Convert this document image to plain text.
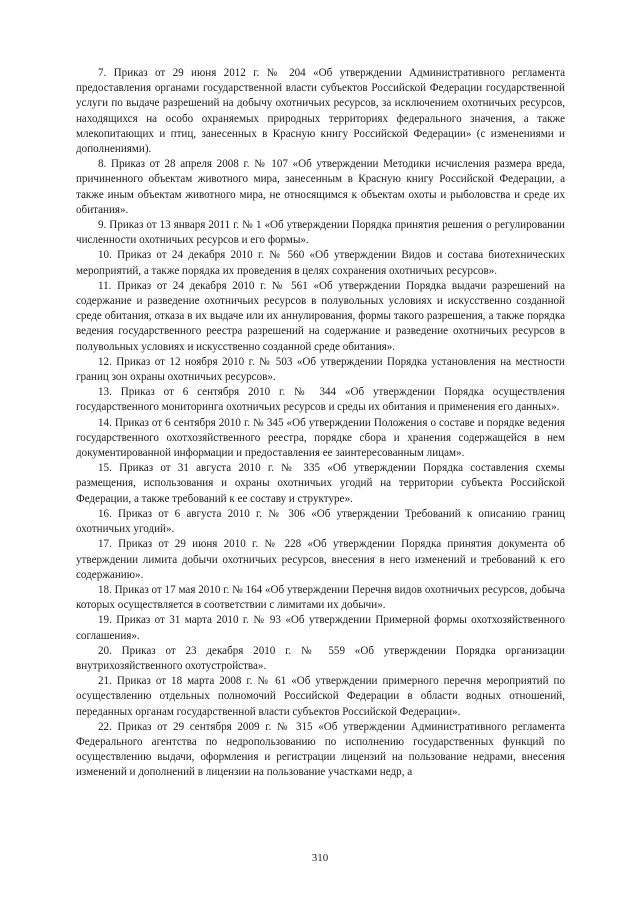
7. Приказ от 29 июня 2012 г. № 204 «Об утверждении Административного регламента предоставления органами государственной власти субъектов Российской Федерации государственной услуги по выдаче разрешений на добычу охотничьих ресурсов, за исключением охотничьих ресурсов, находящихся на особо охраняемых природных территориях федерального значения, а также млекопитающих и птиц, занесенных в Красную книгу Российской Федерации» (с изменениями и дополнениями).

8. Приказ от 28 апреля 2008 г. № 107 «Об утверждении Методики исчисления размера вреда, причиненного объектам животного мира, занесенным в Красную книгу Российской Федерации, а также иным объектам животного мира, не относящимся к объектам охоты и рыболовства и среде их обитания».

9. Приказ от 13 января 2011 г. № 1 «Об утверждении Порядка принятия решения о регулировании численности охотничьих ресурсов и его формы».

10. Приказ от 24 декабря 2010 г. № 560 «Об утверждении Видов и состава биотехнических мероприятий, а также порядка их проведения в целях сохранения охотничьих ресурсов».

11. Приказ от 24 декабря 2010 г. № 561 «Об утверждении Порядка выдачи разрешений на содержание и разведение охотничьих ресурсов в полувольных условиях и искусственно созданной среде обитания, отказа в их выдаче или их аннулирования, формы такого разрешения, а также порядка ведения государственного реестра разрешений на содержание и разведение охотничьих ресурсов в полувольных условиях и искусственно созданной среде обитания».

12. Приказ от 12 ноября 2010 г. № 503 «Об утверждении Порядка установления на местности границ зон охраны охотничьих ресурсов».

13. Приказ от 6 сентября 2010 г. № 344 «Об утверждении Порядка осуществления государственного мониторинга охотничьих ресурсов и среды их обитания и применения его данных».

14. Приказ от 6 сентября 2010 г. № 345 «Об утверждении Положения о составе и порядке ведения государственного охотхозяйственного реестра, порядке сбора и хранения содержащейся в нем документированной информации и предоставления ее заинтересованным лицам».

15. Приказ от 31 августа 2010 г. № 335 «Об утверждении Порядка составления схемы размещения, использования и охраны охотничьих угодий на территории субъекта Российской Федерации, а также требований к ее составу и структуре».

16. Приказ от 6 августа 2010 г. № 306 «Об утверждении Требований к описанию границ охотничьих угодий».

17. Приказ от 29 июня 2010 г. № 228 «Об утверждении Порядка принятия документа об утверждении лимита добычи охотничьих ресурсов, внесения в него изменений и требований к его содержанию».

18. Приказ от 17 мая 2010 г. № 164 «Об утверждении Перечня видов охотничьих ресурсов, добыча которых осуществляется в соответствии с лимитами их добычи».

19. Приказ от 31 марта 2010 г. № 93 «Об утверждении Примерной формы охотхозяйственного соглашения».

20. Приказ от 23 декабря 2010 г. № 559 «Об утверждении Порядка организации внутрихозяйственного охотустройства».

21. Приказ от 18 марта 2008 г. № 61 «Об утверждении примерного перечня мероприятий по осуществлению отдельных полномочий Российской Федерации в области водных отношений, переданных органам государственной власти субъектов Российской Федерации».

22. Приказ от 29 сентября 2009 г. № 315 «Об утверждении Административного регламента Федерального агентства по недропользованию по исполнению государственных функций по осуществлению выдачи, оформления и регистрации лицензий на пользование недрами, внесения изменений и дополнений в лицензии на пользование участками недр, а

310
